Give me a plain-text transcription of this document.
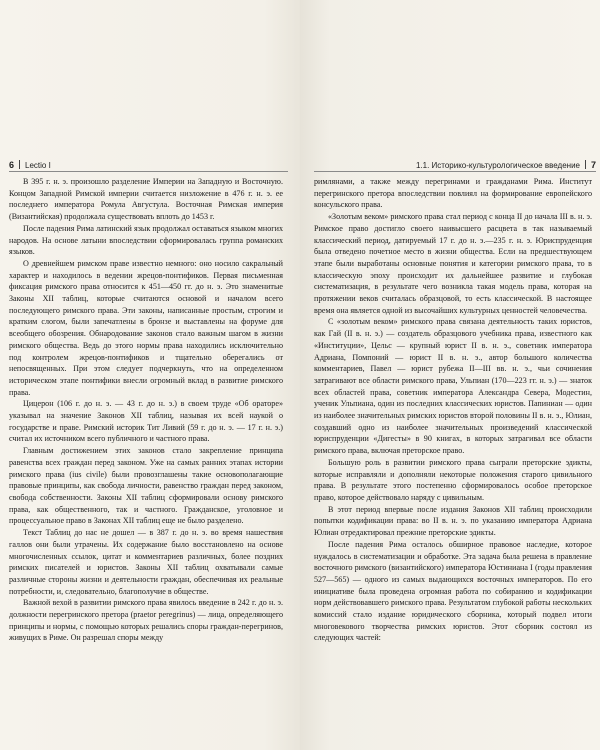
6 Lectio I

В 395 г. н. э. произошло разделение Империи на Западную и Восточную. Концом Западной Римской империи считается низложение в 476 г. н. э. ее последнего императора Ромула Августула. Восточная Римская империя (Византийская) продолжала существовать вплоть до 1453 г.

После падения Рима латинский язык продолжал оставаться языком многих народов. На основе латыни впоследствии сформировалась группа романских языков.

О древнейшем римском праве известно немного: оно носило сакральный характер и находилось в ведении жрецов-понтификов. Первая письменная фиксация римского права относится к 451—450 гг. до н. э. Это знаменитые Законы XII таблиц, которые считаются основой и началом всего последующего римского права. Эти законы, написанные простым, строгим и кратким слогом, были запечатлены в бронзе и выставлены на форуме для всеобщего обозрения. Обнародование законов стало важным шагом в жизни римского общества. Ведь до этого нормы права находились исключительно под контролем жрецов-понтификов и тщательно оберегались от непосвященных. При этом следует подчеркнуть, что на определенном историческом этапе понтифики внесли огромный вклад в развитие римского права.

Цицерон (106 г. до н. э. — 43 г. до н. э.) в своем труде «Об ораторе» указывал на значение Законов XII таблиц, называя их всей наукой о государстве и праве. Римский историк Тит Ливий (59 г. до н. э. — 17 г. н. э.) считал их источником всего публичного и частного права.

Главным достижением этих законов стало закрепление принципа равенства всех граждан перед законом. Уже на самых ранних этапах истории римского права (ius civile) были провозглашены такие основополагающие правовые принципы, как свобода личности, равенство граждан перед законом, свобода собственности. Законы XII таблиц сформировали основу римского права, как общественного, так и частного. Гражданское, уголовное и процессуальное право в Законах XII таблиц еще не было разделено.

Текст Таблиц до нас не дошел — в 387 г. до н. э. во время нашествия галлов они были утрачены. Их содержание было восстановлено на основе многочисленных ссылок, цитат и комментариев различных, более поздних римских писателей и юристов. Законы XII таблиц охватывали самые различные стороны жизни и деятельности граждан, обеспечивая их реальные потребности, и, следовательно, благополучие в обществе.

Важной вехой в развитии римского права явилось введение в 242 г. до н. э. должности перегринского претора (praetor peregrinus) — лица, определяющего принципы и нормы, с помощью которых решались споры граждан-перегринов, живущих в Риме. Он разрешал споры между

1.1. Историко-культурологическое введение 7

римлянами, а также между перегринами и гражданами Рима. Институт перегринского претора впоследствии повлиял на формирование европейского консульского права.

«Золотым веком» римского права стал период с конца II до начала III в. н. э. Римское право достигло своего наивысшего расцвета в так называемый классический период, датируемый 17 г. до н. э.—235 г. н. э. Юриспруденция была отведено почетное место в жизни общества. Если на предшествующем этапе были выработаны основные понятия и категории римского права, то в классическую эпоху происходит их дальнейшее развитие и глубокая систематизация, в результате чего возникла такая модель права, которая на протяжении веков считалась образцовой, то есть классической. В настоящее время она является одной из высочайших культурных ценностей человечества.

С «золотым веком» римского права связана деятельность таких юристов, как Гай (II в. н. э.) — создатель образцового учебника права, известного как «Институции», Цельс — крупный юрист II в. н. э., советник императора Адриана, Помпоний — юрист II в. н. э., автор большого количества комментариев, Павел — юрист рубежа II—III вв. н. э., чьи сочинения затрагивают все области римского права, Ульпиан (170—223 гг. н. э.) — знаток всех областей права, советник императора Александра Севера, Модестин, ученик Ульпиана, один из последних классических юристов. Папиниан — один из наиболее значительных римских юристов второй половины II в. н. э., Юлиан, создавший одно из наиболее значительных произведений классической юриспруденции «Дигесты» в 90 книгах, в которых затрагивал все области римского права, включая преторское право.

Большую роль в развитии римского права сыграли преторские эдикты, которые исправляли и дополняли некоторые положения старого цивильного права. В результате этого постепенно сформировалось особое преторское право, которое действовало наряду с цивильным.

В этот период впервые после издания Законов XII таблиц происходили попытки кодификации права: во II в. н. э. по указанию императора Адриана Юлиан отредактировал прежние преторские эдикты.

После падения Рима осталось обширное правовое наследие, которое нуждалось в систематизации и обработке. Эта задача была решена в правление восточного римского (византийского) императора Юстиниана I (годы правления 527—565) — одного из самых выдающихся восточных императоров. По его инициативе была проведена огромная работа по собиранию и кодификации норм действовавшего римского права. Результатом глубокой работы нескольких комиссий стало издание юридического сборника, который подвел итоги многовекового творчества римских юристов. Этот сборник состоял из следующих частей:
